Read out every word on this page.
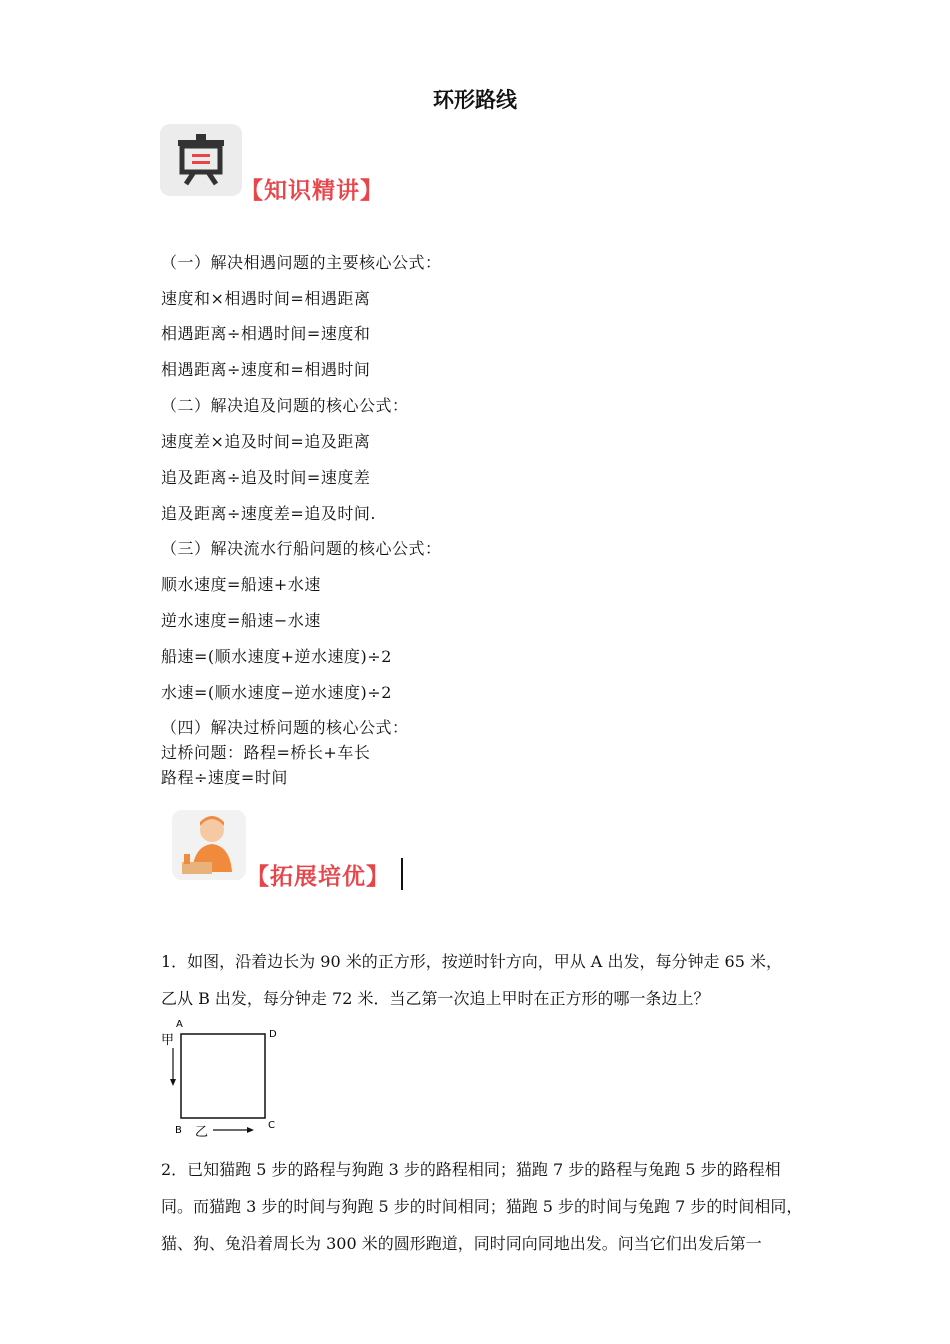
环形路线
【知识精讲】
（一）解决相遇问题的主要核心公式：
速度和×相遇时间=相遇距离
相遇距离÷相遇时间=速度和
相遇距离÷速度和=相遇时间
（二）解决追及问题的核心公式：
速度差×追及时间=追及距离
追及距离÷追及时间=速度差
追及距离÷速度差=追及时间.
（三）解决流水行船问题的核心公式：
顺水速度=船速+水速
逆水速度=船速−水速
船速=(顺水速度+逆水速度)÷2
水速=(顺水速度−逆水速度)÷2
（四）解决过桥问题的核心公式：
过桥问题：路程=桥长+车长
路程÷速度=时间
【拓展培优】
1．如图，沿着边长为 90 米的正方形，按逆时针方向，甲从 A 出发，每分钟走 65 米，
乙从 B 出发，每分钟走 72 米．当乙第一次追上甲时在正方形的哪一条边上？
A
D
B	C
甲
乙
2．已知猫跑 5 步的路程与狗跑 3 步的路程相同；猫跑 7 步的路程与兔跑 5 步的路程相
同。而猫跑 3 步的时间与狗跑 5 步的时间相同；猫跑 5 步的时间与兔跑 7 步的时间相同，
猫、狗、兔沿着周长为 300 米的圆形跑道，同时同向同地出发。问当它们出发后第一
